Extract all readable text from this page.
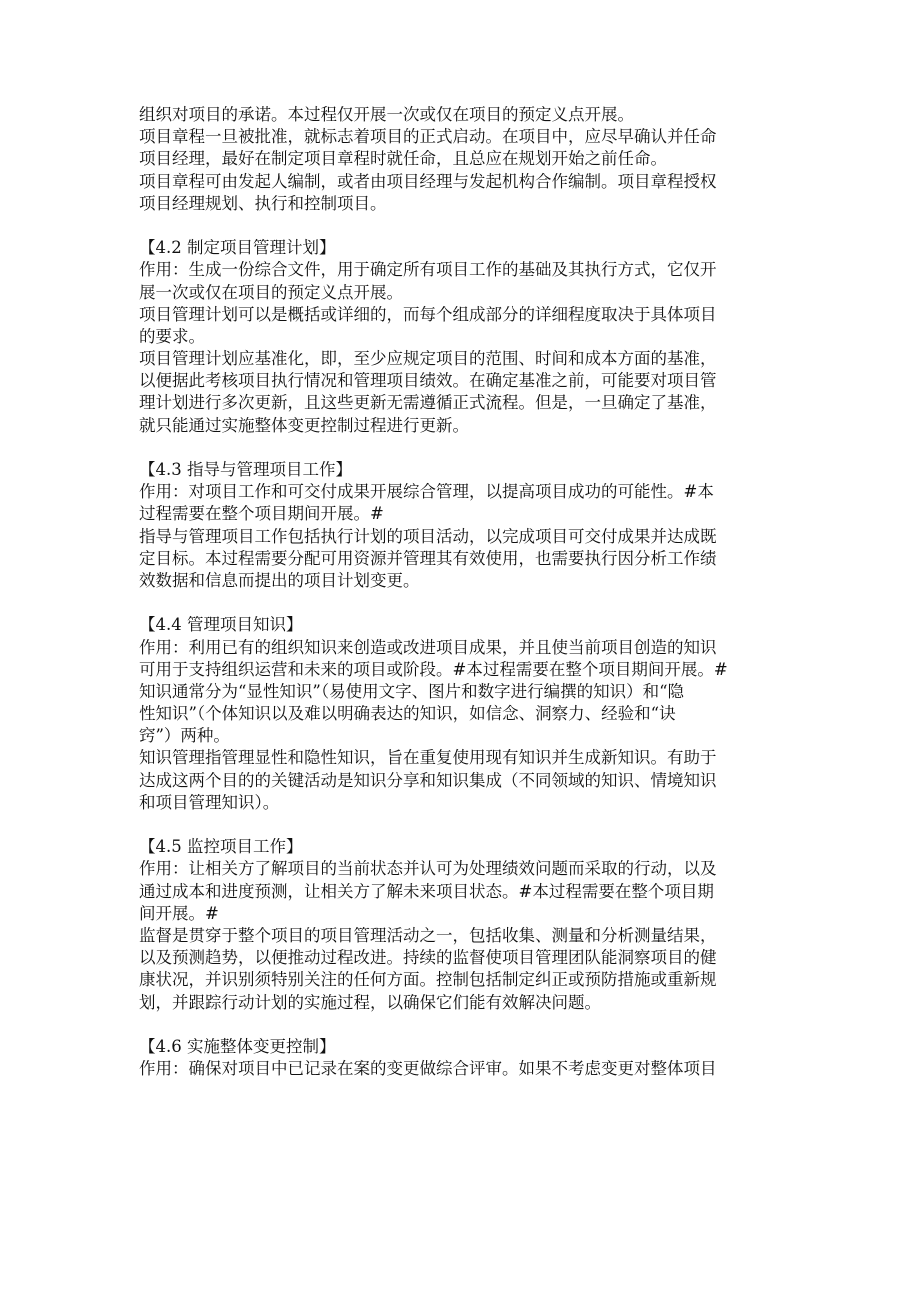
组织对项目的承诺。本过程仅开展一次或仅在项目的预定义点开展。
项目章程一旦被批准，就标志着项目的正式启动。在项目中，应尽早确认并任命
项目经理，最好在制定项目章程时就任命，且总应在规划开始之前任命。
项目章程可由发起人编制，或者由项目经理与发起机构合作编制。项目章程授权
项目经理规划、执行和控制项目。
【4.2 制定项目管理计划】
作用：生成一份综合文件，用于确定所有项目工作的基础及其执行方式，它仅开
展一次或仅在项目的预定义点开展。
项目管理计划可以是概括或详细的，而每个组成部分的详细程度取决于具体项目
的要求。
项目管理计划应基准化，即，至少应规定项目的范围、时间和成本方面的基准，
以便据此考核项目执行情况和管理项目绩效。在确定基准之前，可能要对项目管
理计划进行多次更新，且这些更新无需遵循正式流程。但是，一旦确定了基准，
就只能通过实施整体变更控制过程进行更新。
【4.3 指导与管理项目工作】
作用：对项目工作和可交付成果开展综合管理，以提高项目成功的可能性。#本
过程需要在整个项目期间开展。#
指导与管理项目工作包括执行计划的项目活动，以完成项目可交付成果并达成既
定目标。本过程需要分配可用资源并管理其有效使用，也需要执行因分析工作绩
效数据和信息而提出的项目计划变更。
【4.4 管理项目知识】
作用：利用已有的组织知识来创造或改进项目成果，并且使当前项目创造的知识
可用于支持组织运营和未来的项目或阶段。#本过程需要在整个项目期间开展。#
知识通常分为“显性知识”（易使用文字、图片和数字进行编撰的知识）和“隐
性知识”（个体知识以及难以明确表达的知识，如信念、洞察力、经验和“诀
窍”）两种。
知识管理指管理显性和隐性知识，旨在重复使用现有知识并生成新知识。有助于
达成这两个目的的关键活动是知识分享和知识集成（不同领域的知识、情境知识
和项目管理知识）。
【4.5 监控项目工作】
作用：让相关方了解项目的当前状态并认可为处理绩效问题而采取的行动，以及
通过成本和进度预测，让相关方了解未来项目状态。#本过程需要在整个项目期
间开展。#
监督是贯穿于整个项目的项目管理活动之一，包括收集、测量和分析测量结果，
以及预测趋势，以便推动过程改进。持续的监督使项目管理团队能洞察项目的健
康状况，并识别须特别关注的任何方面。控制包括制定纠正或预防措施或重新规
划，并跟踪行动计划的实施过程，以确保它们能有效解决问题。
【4.6 实施整体变更控制】
作用：确保对项目中已记录在案的变更做综合评审。如果不考虑变更对整体项目
